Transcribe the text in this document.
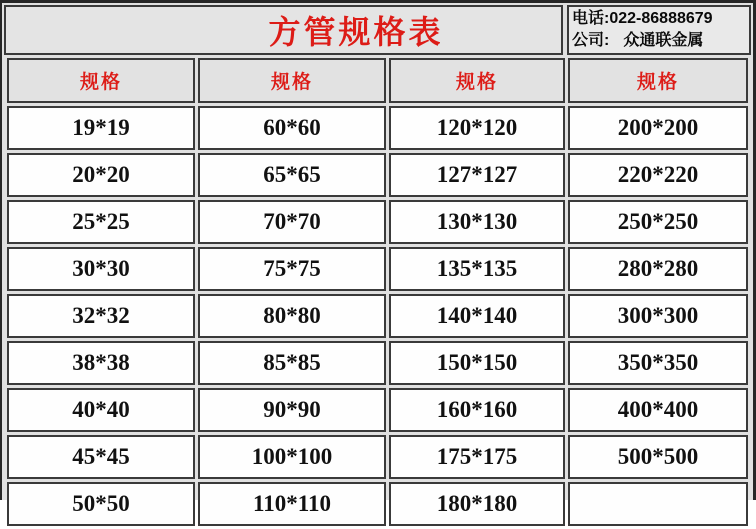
方管规格表	电话:022-86888679
公司: 众通联金属
规格	规格	规格	规格
19*19	60*60	120*120	200*200
20*20	65*65	127*127	220*220
25*25	70*70	130*130	250*250
30*30	75*75	135*135	280*280
32*32	80*80	140*140	300*300
38*38	85*85	150*150	350*350
40*40	90*90	160*160	400*400
45*45	100*100	175*175	500*500
50*50	110*110	180*180	
